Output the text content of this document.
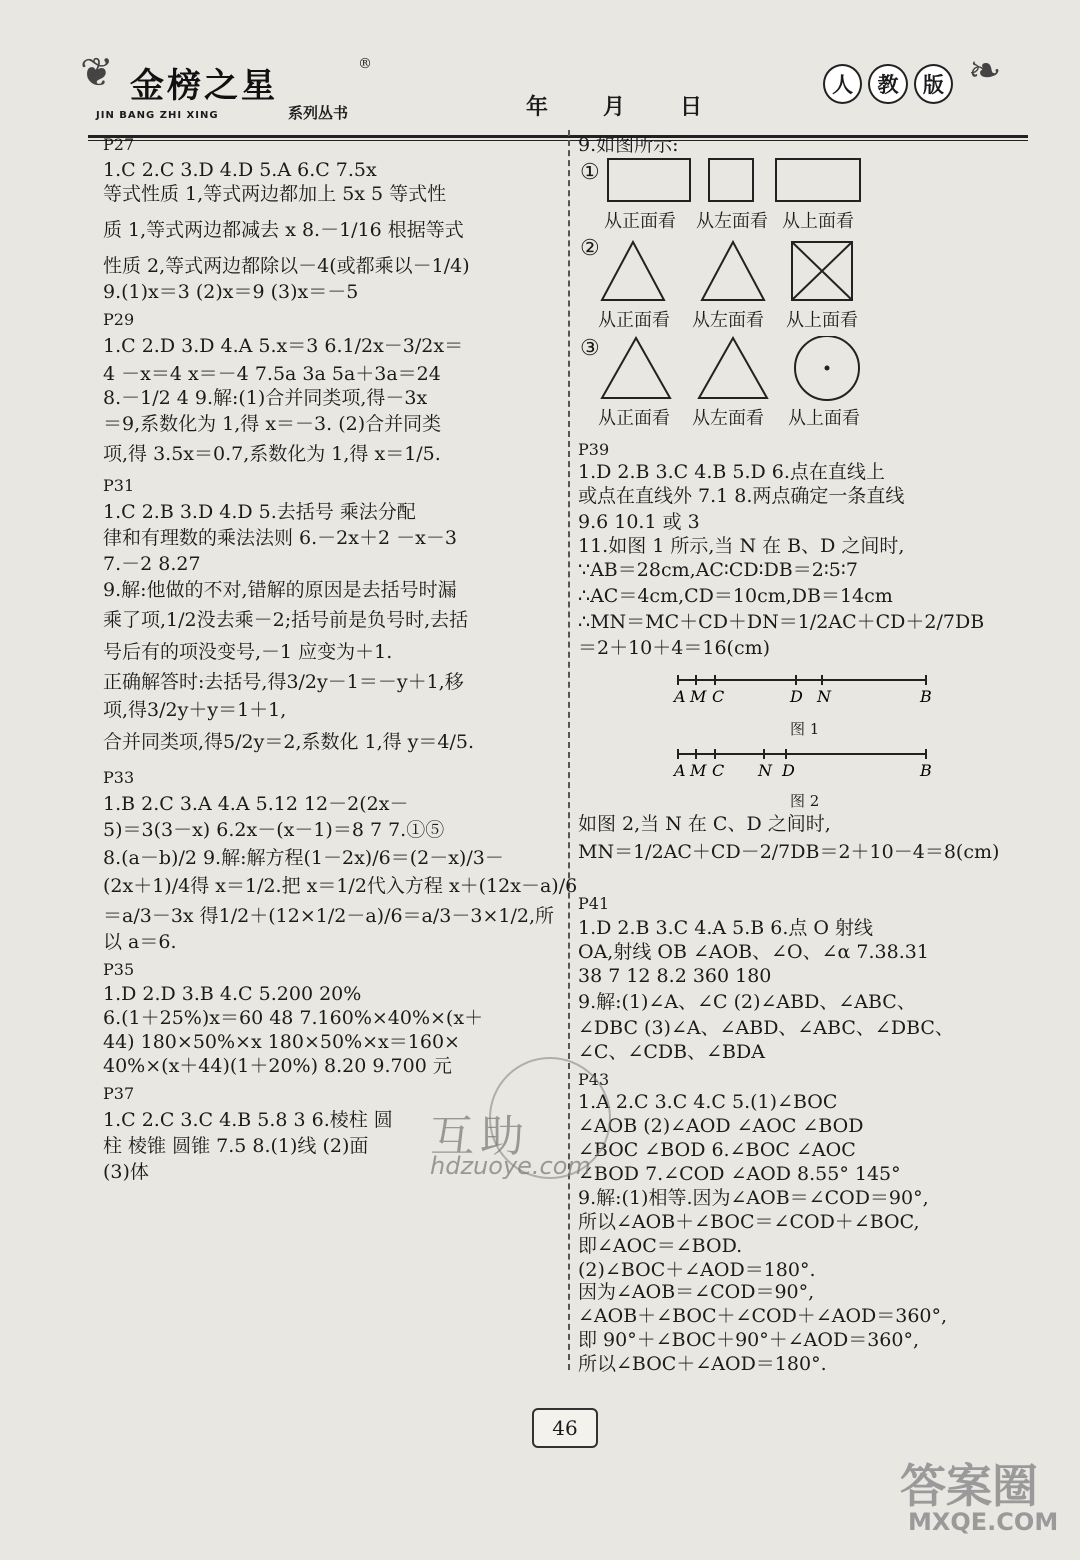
❦ 金榜之星
®
系列丛书
JIN BANG ZHI XING	年 月 日
人	教	版 ❧
P27
1.C 2.C 3.D 4.D 5.A 6.C 7.5x
等式性质 1,等式两边都加上 5x 5 等式性
质 1,等式两边都减去 x 8.－1/16 根据等式
性质 2,等式两边都除以－4(或都乘以－1/4)
9.(1)x＝3 (2)x＝9 (3)x＝－5
P29
1.C 2.D 3.D 4.A 5.x＝3 6.1/2x－3/2x＝
4 －x＝4 x＝－4 7.5a 3a 5a＋3a＝24
8.－1/2 4 9.解:(1)合并同类项,得－3x
＝9,系数化为 1,得 x＝－3. (2)合并同类
项,得 3.5x＝0.7,系数化为 1,得 x＝1/5.
P31
1.C 2.B 3.D 4.D 5.去括号 乘法分配
律和有理数的乘法法则 6.－2x＋2 －x－3
7.－2 8.27
9.解:他做的不对,错解的原因是去括号时漏
乘了项,1/2没去乘－2;括号前是负号时,去括
号后有的项没变号,－1 应变为＋1.
正确解答时:去括号,得3/2y－1＝－y＋1,移
项,得3/2y＋y＝1＋1,
合并同类项,得5/2y＝2,系数化 1,得 y＝4/5.
P33
1.B 2.C 3.A 4.A 5.12 12－2(2x－
5)＝3(3－x) 6.2x－(x－1)＝8 7 7.①⑤
8.(a－b)/2 9.解:解方程(1－2x)/6＝(2－x)/3－
(2x＋1)/4得 x＝1/2.把 x＝1/2代入方程 x＋(12x－a)/6
＝a/3－3x 得1/2＋(12×1/2－a)/6＝a/3－3×1/2,所
以 a＝6.
P35
1.D 2.D 3.B 4.C 5.200 20%
6.(1＋25%)x＝60 48 7.160%×40%×(x＋
44) 180×50%×x 180×50%×x＝160×
40%×(x＋44)(1＋20%) 8.20 9.700 元
P37
1.C 2.C 3.C 4.B 5.8 3 6.棱柱 圆
柱 棱锥 圆锥 7.5 8.(1)线 (2)面
(3)体
9.如图所示:
P39
1.D 2.B 3.C 4.B 5.D 6.点在直线上
或点在直线外 7.1 8.两点确定一条直线
9.6 10.1 或 3
11.如图 1 所示,当 N 在 B、D 之间时,
∵AB＝28cm,AC∶CD∶DB＝2∶5∶7
∴AC＝4cm,CD＝10cm,DB＝14cm
∴MN＝MC＋CD＋DN＝1/2AC＋CD＋2/7DB
＝2＋10＋4＝16(cm)
如图 2,当 N 在 C、D 之间时,
MN＝1/2AC＋CD－2/7DB＝2＋10－4＝8(cm)
P41
1.D 2.B 3.C 4.A 5.B 6.点 O 射线
OA,射线 OB ∠AOB、∠O、∠α 7.38.31
38 7 12 8.2 360 180
9.解:(1)∠A、∠C (2)∠ABD、∠ABC、
∠DBC (3)∠A、∠ABD、∠ABC、∠DBC、
∠C、∠CDB、∠BDA
P43
1.A 2.C 3.C 4.C 5.(1)∠BOC
∠AOB (2)∠AOD ∠AOC ∠BOD
∠BOC ∠BOD 6.∠BOC ∠AOC
∠BOD 7.∠COD ∠AOD 8.55° 145°
9.解:(1)相等.因为∠AOB＝∠COD＝90°,
所以∠AOB＋∠BOC＝∠COD＋∠BOC,
即∠AOC＝∠BOD.
(2)∠BOC＋∠AOD＝180°.
因为∠AOB＝∠COD＝90°,
∠AOB＋∠BOC＋∠COD＋∠AOD＝360°,
即 90°＋∠BOC＋90°＋∠AOD＝360°,
所以∠BOC＋∠AOD＝180°.
①
从正面看 从左面看 从上面看
②
从正面看 从左面看 从上面看
③
从正面看 从左面看 从上面看
A M C	D N	B
图 1
A M C N D	B
图 2
互助
hdzuoye.com
46
答案圈
MXQE.COM
